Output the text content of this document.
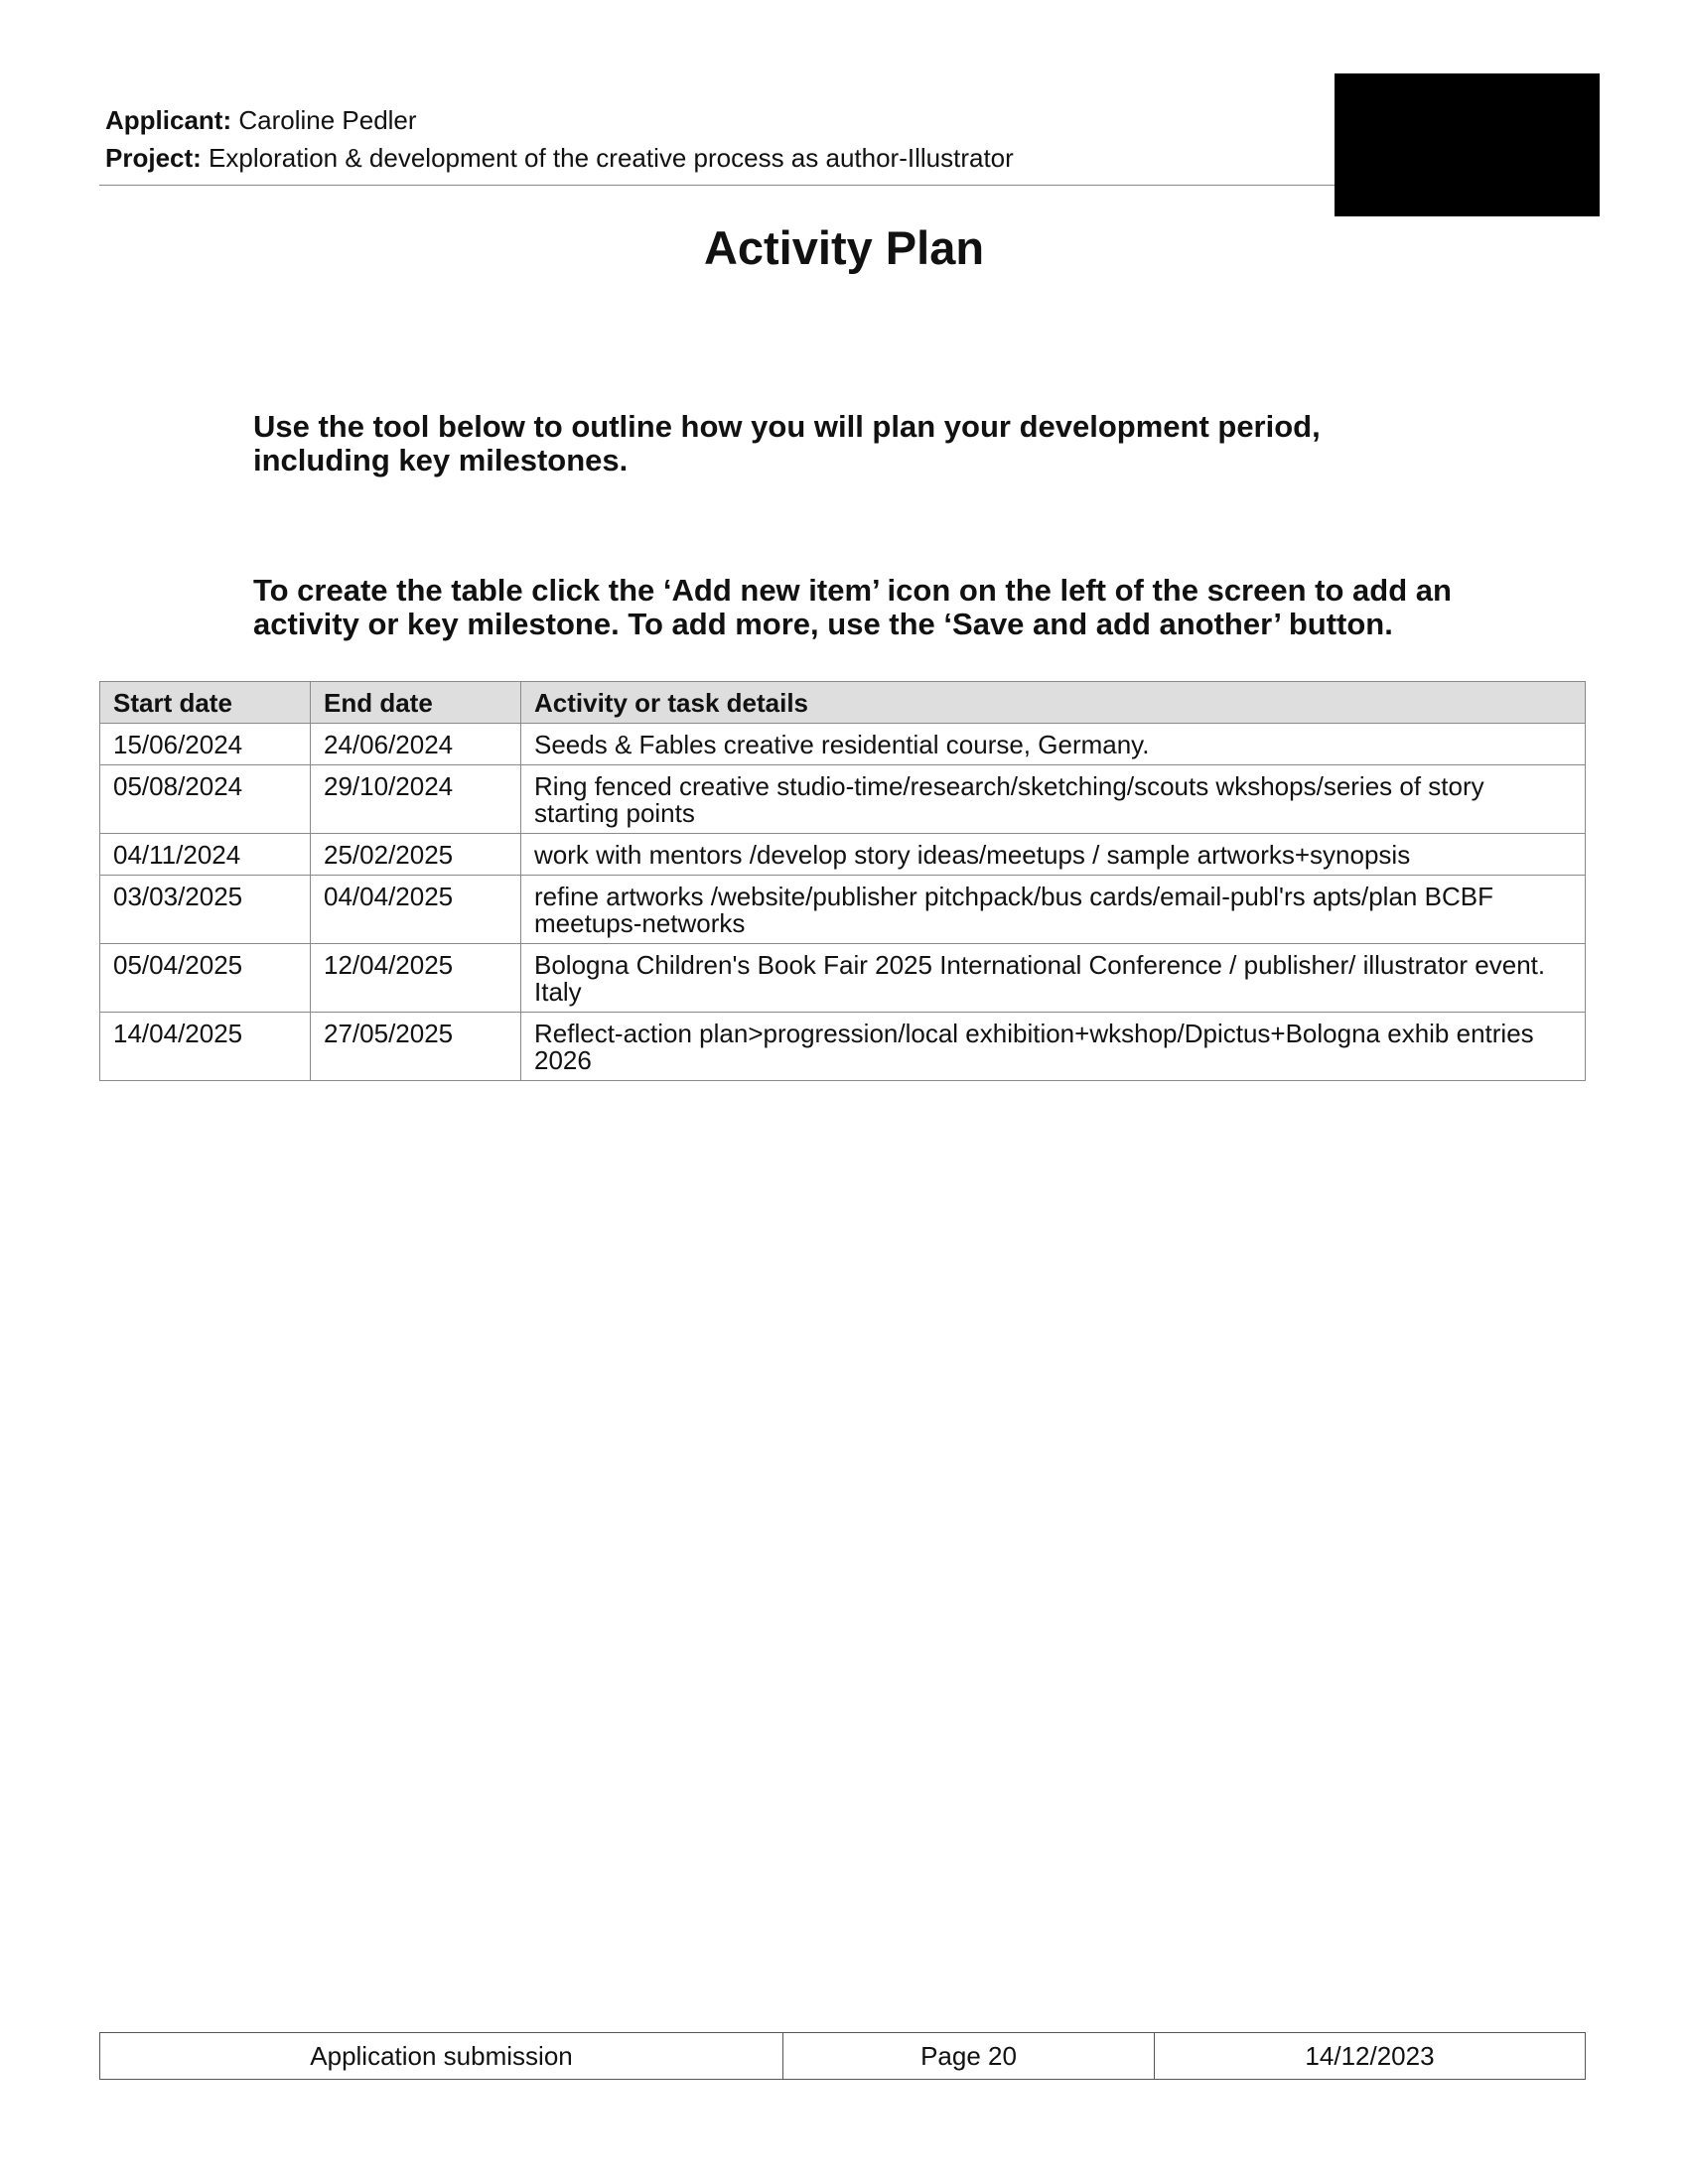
Applicant: Caroline Pedler
Project: Exploration & development of the creative process as author-Illustrator
Activity Plan

Use the tool below to outline how you will plan your development period, including key milestones.

To create the table click the ‘Add new item’ icon on the left of the screen to add an activity or key milestone. To add more, use the ‘Save and add another’ button.

Start date	End date	Activity or task details
15/06/2024	24/06/2024	Seeds & Fables creative residential course, Germany.
05/08/2024	29/10/2024	Ring fenced creative studio-time/research/sketching/scouts wkshops/series of story starting points
04/11/2024	25/02/2025	work with mentors /develop story ideas/meetups / sample artworks+synopsis
03/03/2025	04/04/2025	refine artworks /website/publisher pitchpack/bus cards/email-publ'rs apts/plan BCBF meetups-networks
05/04/2025	12/04/2025	Bologna Children's Book Fair 2025 International Conference / publisher/ illustrator event. Italy
14/04/2025	27/05/2025	Reflect-action plan>progression/local exhibition+wkshop/Dpictus+Bologna exhib entries 2026
Application submission	Page 20	14/12/2023
